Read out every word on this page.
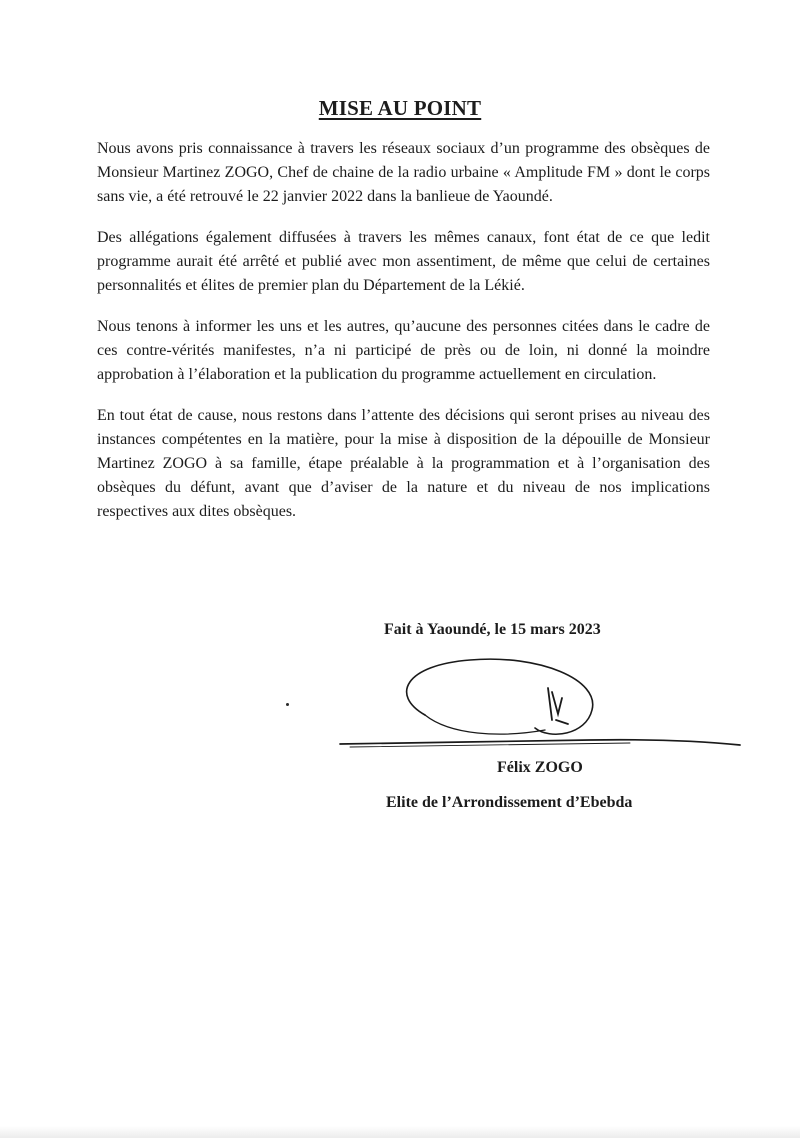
MISE AU POINT

Nous avons pris connaissance à travers les réseaux sociaux d’un programme des obsèques de Monsieur Martinez ZOGO, Chef de chaine de la radio urbaine « Amplitude FM » dont le corps sans vie, a été retrouvé le 22 janvier 2022 dans la banlieue de Yaoundé.

Des allégations également diffusées à travers les mêmes canaux, font état de ce que ledit programme aurait été arrêté et publié avec mon assentiment, de même que celui de certaines personnalités et élites de premier plan du Département de la Lékié.

Nous tenons à informer les uns et les autres, qu’aucune des personnes citées dans le cadre de ces contre-vérités manifestes, n’a ni participé de près ou de loin, ni donné la moindre approbation à l’élaboration et la publication du programme actuellement en circulation.

En tout état de cause, nous restons dans l’attente des décisions qui seront prises au niveau des instances compétentes en la matière, pour la mise à disposition de la dépouille de Monsieur Martinez ZOGO à sa famille, étape préalable à la programmation et à l’organisation des obsèques du défunt, avant que d’aviser de la nature et du niveau de nos implications respectives aux dites obsèques.

Fait à Yaoundé, le 15 mars 2023
Félix ZOGO
Elite de l’Arrondissement d’Ebebda
